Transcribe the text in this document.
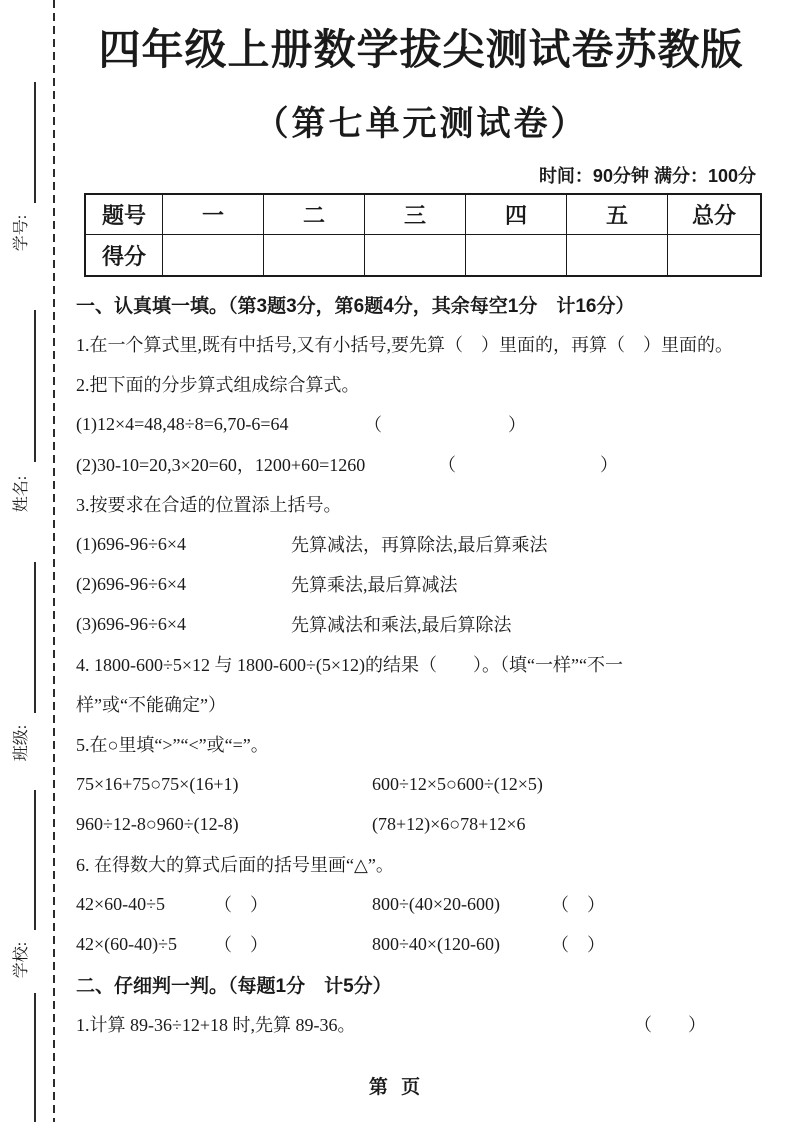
学号:
姓名:
班级:
学校:
四年级上册数学拔尖测试卷苏教版
（第七单元测试卷）
时间：90分钟 满分：100分
题号	一	二	三	四	五	总分
得分						
一、认真填一填。（第3题3分，第6题4分，其余每空1分　计16分）
1.在一个算式里,既有中括号,又有小括号,要先算（　）里面的，再算（　）里面的。
2.把下面的分步算式组成综合算式。
(1)12×4=48,48÷8=6,70-6=64	（　　　　　　　）
(2)30-10=20,3×20=60，1200+60=1260	（　　　　　　　　）
3.按要求在合适的位置添上括号。
(1)696-96÷6×4	先算减法，再算除法,最后算乘法
(2)696-96÷6×4	先算乘法,最后算减法
(3)696-96÷6×4	先算减法和乘法,最后算除法
4. 1800-600÷5×12 与 1800-600÷(5×12)的结果（　　）。（填“一样”“不一
样”或“不能确定”）
5.在○里填“>”“<”或“=”。
75×16+75○75×(16+1)	600÷12×5○600÷(12×5)
960÷12-8○960÷(12-8)	(78+12)×6○78+12×6
6. 在得数大的算式后面的括号里画“△”。
42×60-40÷5	（　）	800÷(40×20-600)	（　）
42×(60-40)÷5	（　）	800÷40×(120-60)	（　）
二、仔细判一判。（每题1分　计5分）
1.计算 89-36÷12+18 时,先算 89-36。	（　　）
第 页
